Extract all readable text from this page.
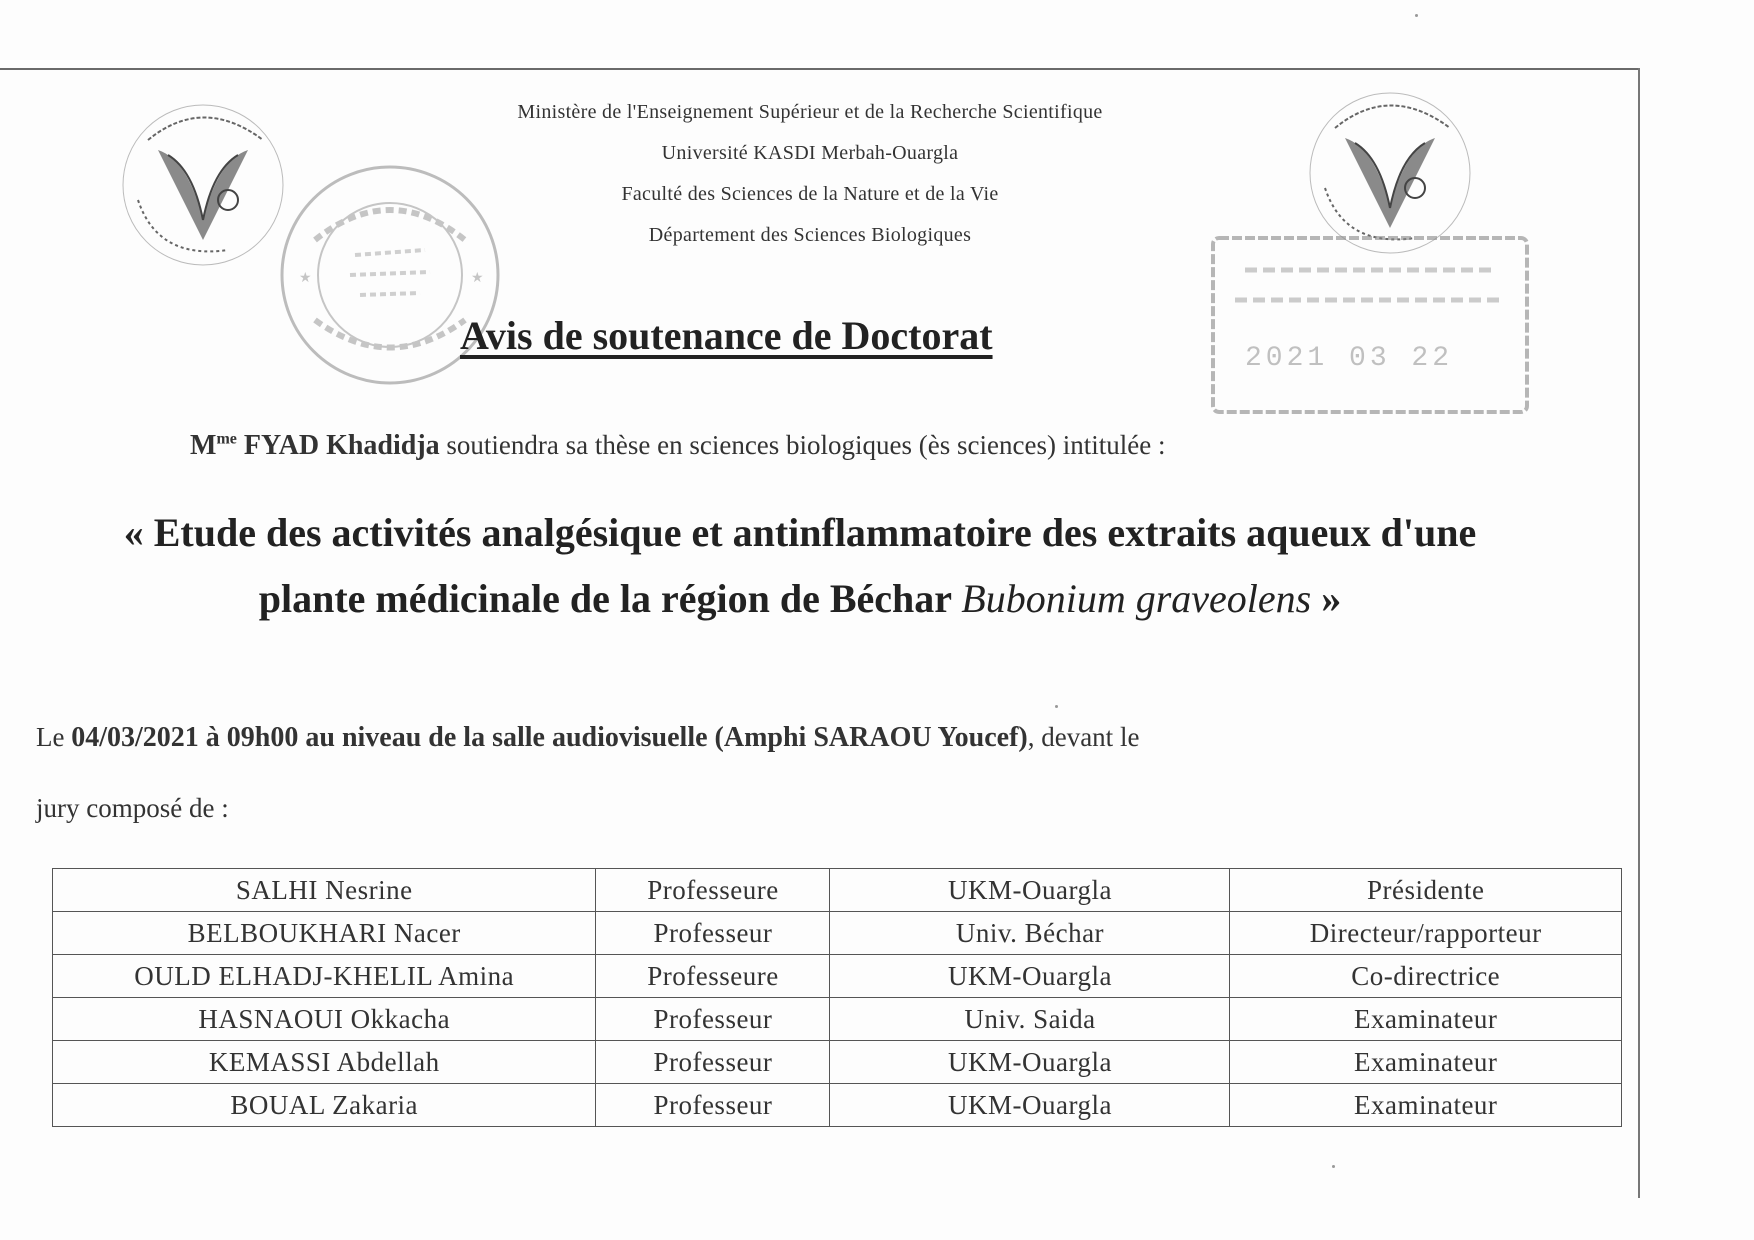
★	★
2021 03 22
Ministère de l'Enseignement Supérieur et de la Recherche Scientifique
Université KASDI Merbah-Ouargla
Faculté des Sciences de la Nature et de la Vie
Département des Sciences Biologiques
Avis de soutenance de Doctorat
$M^{me}$ FYAD Khadidja soutiendra sa thèse en sciences biologiques (ès sciences) intitulée :
« Etude des activités analgésique et antinflammatoire des extraits aqueux d'une plante médicinale de la région de Béchar Bubonium graveolens »
Le 04/03/2021 à 09h00 au niveau de la salle audiovisuelle (Amphi SARAOU Youcef), devant le
jury composé de :
SALHI Nesrine	Professeure	UKM-Ouargla	Présidente
BELBOUKHARI Nacer	Professeur	Univ. Béchar	Directeur/rapporteur
OULD ELHADJ-KHELIL Amina	Professeure	UKM-Ouargla	Co-directrice
HASNAOUI Okkacha	Professeur	Univ. Saida	Examinateur
KEMASSI Abdellah	Professeur	UKM-Ouargla	Examinateur
BOUAL Zakaria	Professeur	UKM-Ouargla	Examinateur
